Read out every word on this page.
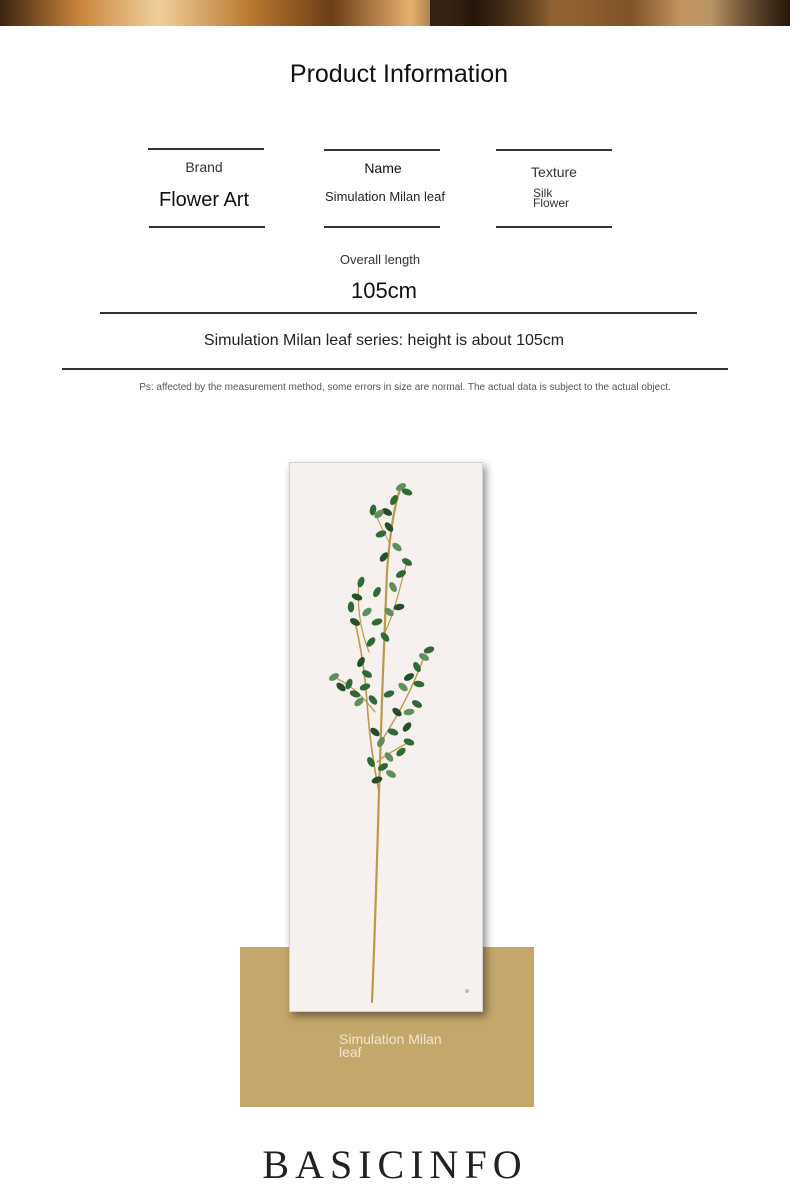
Product Information
Brand
Flower Art
Name
Simulation Milan leaf
Texture
Silk
Flower
Overall length
105cm
Simulation Milan leaf series: height is about 105cm
Ps: affected by the measurement method, some errors in size are normal. The actual data is subject to the actual object.
Simulation Milan
leaf
BASICINFO
